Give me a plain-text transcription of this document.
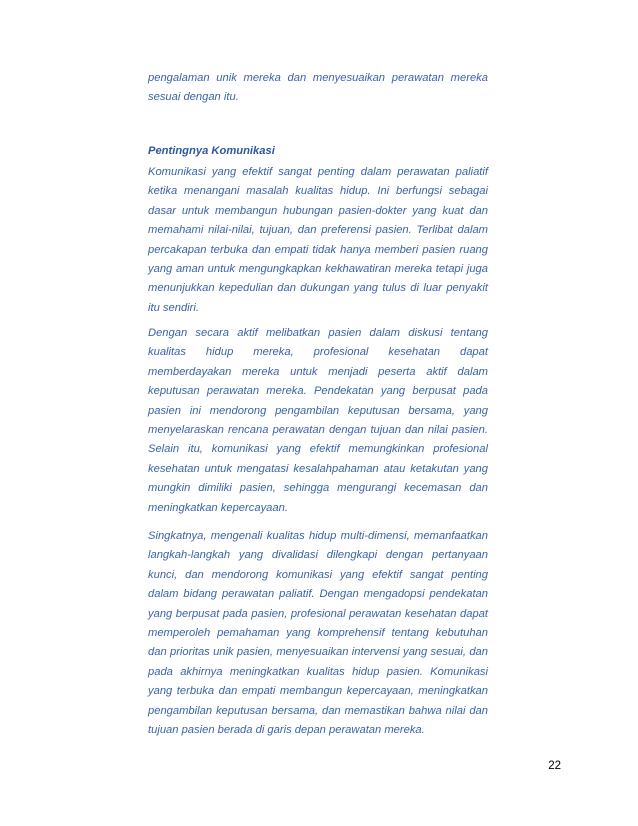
pengalaman unik mereka dan menyesuaikan perawatan mereka sesuai dengan itu.

Pentingnya Komunikasi

Komunikasi yang efektif sangat penting dalam perawatan paliatif ketika menangani masalah kualitas hidup. Ini berfungsi sebagai dasar untuk membangun hubungan pasien-dokter yang kuat dan memahami nilai-nilai, tujuan, dan preferensi pasien. Terlibat dalam percakapan terbuka dan empati tidak hanya memberi pasien ruang yang aman untuk mengungkapkan kekhawatiran mereka tetapi juga menunjukkan kepedulian dan dukungan yang tulus di luar penyakit itu sendiri.

Dengan secara aktif melibatkan pasien dalam diskusi tentang kualitas hidup mereka, profesional kesehatan dapat memberdayakan mereka untuk menjadi peserta aktif dalam keputusan perawatan mereka. Pendekatan yang berpusat pada pasien ini mendorong pengambilan keputusan bersama, yang menyelaraskan rencana perawatan dengan tujuan dan nilai pasien. Selain itu, komunikasi yang efektif memungkinkan profesional kesehatan untuk mengatasi kesalahpahaman atau ketakutan yang mungkin dimiliki pasien, sehingga mengurangi kecemasan dan meningkatkan kepercayaan.

Singkatnya, mengenali kualitas hidup multi-dimensi, memanfaatkan langkah-langkah yang divalidasi dilengkapi dengan pertanyaan kunci, dan mendorong komunikasi yang efektif sangat penting dalam bidang perawatan paliatif. Dengan mengadopsi pendekatan yang berpusat pada pasien, profesional perawatan kesehatan dapat memperoleh pemahaman yang komprehensif tentang kebutuhan dan prioritas unik pasien, menyesuaikan intervensi yang sesuai, dan pada akhirnya meningkatkan kualitas hidup pasien. Komunikasi yang terbuka dan empati membangun kepercayaan, meningkatkan pengambilan keputusan bersama, dan memastikan bahwa nilai dan tujuan pasien berada di garis depan perawatan mereka.

22
